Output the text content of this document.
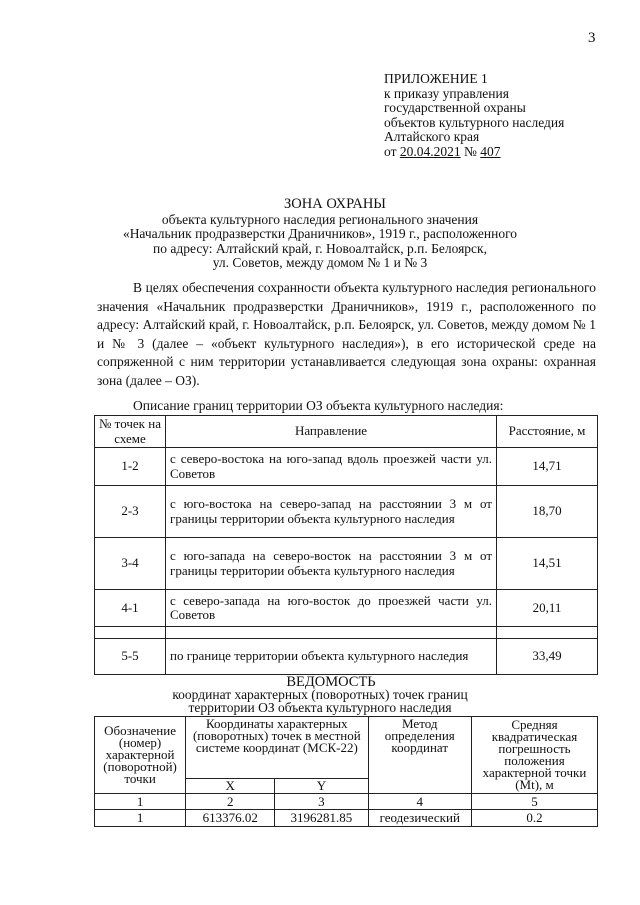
3
ПРИЛОЖЕНИЕ 1
к приказу управления
государственной охраны
объектов культурного наследия
Алтайского края
от 20.04.2021 № 407
ЗОНА ОХРАНЫ
объекта культурного наследия регионального значения
«Начальник продразверстки Драничников», 1919 г., расположенного
по адресу: Алтайский край, г. Новоалтайск, р.п. Белоярск,
ул. Советов, между домом № 1 и № 3
В целях обеспечения сохранности объекта культурного наследия регионального значения «Начальник продразверстки Драничников», 1919 г., расположенного по адресу: Алтайский край, г. Новоалтайск, р.п. Белоярск, ул. Советов, между домом № 1 и № 3 (далее – «объект культурного наследия»), в его исторической среде на сопряженной с ним территории устанавливается следующая зона охраны: охранная зона (далее – ОЗ).
Описание границ территории ОЗ объекта культурного наследия:
№ точек на схеме	Направление	Расстояние, м
1-2	с северо-востока на юго-запад вдоль проезжей части ул. Советов	14,71
2-3	с юго-востока на северо-запад на расстоянии 3 м от границы территории объекта культурного наследия	18,70
3-4	с юго-запада на северо-восток на расстоянии 3 м от границы территории объекта культурного наследия	14,51
4-1	с северо-запада на юго-восток до проезжей части ул. Советов	20,11

5-5	по границе территории объекта культурного наследия	33,49
ВЕДОМОСТЬ
координат характерных (поворотных) точек границ
территории ОЗ объекта культурного наследия
Обозначение (номер) характерной (поворотной) точки	Координаты характерных (поворотных) точек в местной системе координат (МСК-22)		Метод определения координат	Средняя квадратическая погрешность положения характерной точки (Mt), м
	X	Y		
1	2	3	4	5
1	613376.02	3196281.85	геодезический	0.2
